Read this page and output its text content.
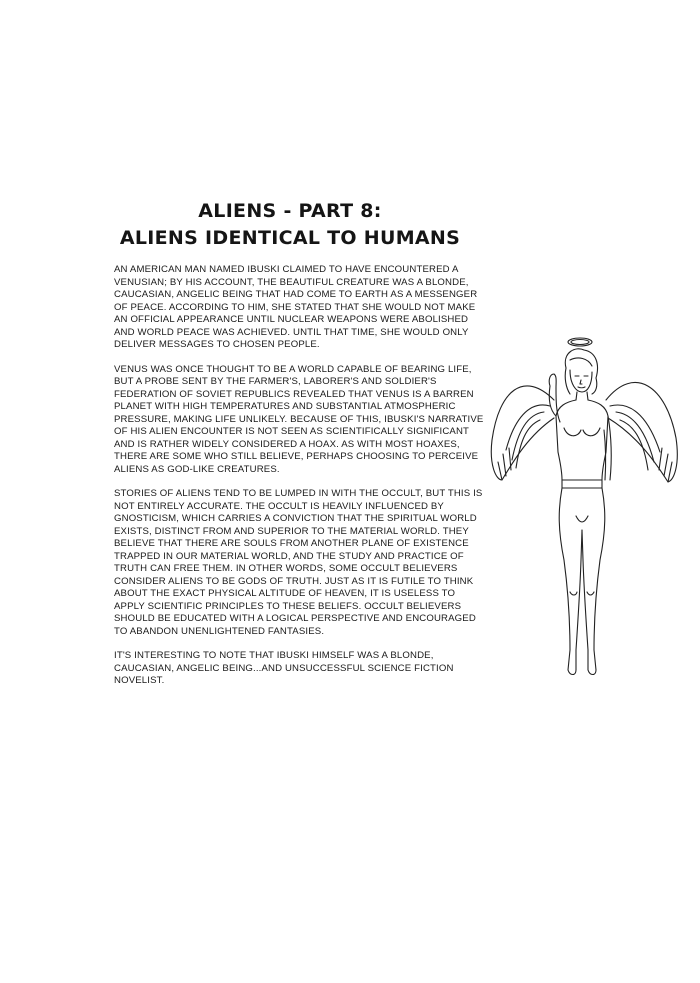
ALIENS - PART 8:
ALIENS IDENTICAL TO HUMANS

AN AMERICAN MAN NAMED IBUSKI CLAIMED TO HAVE ENCOUNTERED A VENUSIAN; BY HIS ACCOUNT, THE BEAUTIFUL CREATURE WAS A BLONDE, CAUCASIAN, ANGELIC BEING THAT HAD COME TO EARTH AS A MESSENGER OF PEACE. ACCORDING TO HIM, SHE STATED THAT SHE WOULD NOT MAKE AN OFFICIAL APPEARANCE UNTIL NUCLEAR WEAPONS WERE ABOLISHED AND WORLD PEACE WAS ACHIEVED. UNTIL THAT TIME, SHE WOULD ONLY DELIVER MESSAGES TO CHOSEN PEOPLE.

VENUS WAS ONCE THOUGHT TO BE A WORLD CAPABLE OF BEARING LIFE, BUT A PROBE SENT BY THE FARMER'S, LABORER'S AND SOLDIER'S FEDERATION OF SOVIET REPUBLICS REVEALED THAT VENUS IS A BARREN PLANET WITH HIGH TEMPERATURES AND SUBSTANTIAL ATMOSPHERIC PRESSURE, MAKING LIFE UNLIKELY. BECAUSE OF THIS, IBUSKI'S NARRATIVE OF HIS ALIEN ENCOUNTER IS NOT SEEN AS SCIENTIFICALLY SIGNIFICANT AND IS RATHER WIDELY CONSIDERED A HOAX. AS WITH MOST HOAXES, THERE ARE SOME WHO STILL BELIEVE, PERHAPS CHOOSING TO PERCEIVE ALIENS AS GOD-LIKE CREATURES.

STORIES OF ALIENS TEND TO BE LUMPED IN WITH THE OCCULT, BUT THIS IS NOT ENTIRELY ACCURATE. THE OCCULT IS HEAVILY INFLUENCED BY GNOSTICISM, WHICH CARRIES A CONVICTION THAT THE SPIRITUAL WORLD EXISTS, DISTINCT FROM AND SUPERIOR TO THE MATERIAL WORLD. THEY BELIEVE THAT THERE ARE SOULS FROM ANOTHER PLANE OF EXISTENCE TRAPPED IN OUR MATERIAL WORLD, AND THE STUDY AND PRACTICE OF TRUTH CAN FREE THEM. IN OTHER WORDS, SOME OCCULT BELIEVERS CONSIDER ALIENS TO BE GODS OF TRUTH. JUST AS IT IS FUTILE TO THINK ABOUT THE EXACT PHYSICAL ALTITUDE OF HEAVEN, IT IS USELESS TO APPLY SCIENTIFIC PRINCIPLES TO THESE BELIEFS. OCCULT BELIEVERS SHOULD BE EDUCATED WITH A LOGICAL PERSPECTIVE AND ENCOURAGED TO ABANDON UNENLIGHTENED FANTASIES.

IT'S INTERESTING TO NOTE THAT IBUSKI HIMSELF WAS A BLONDE, CAUCASIAN, ANGELIC BEING...AND UNSUCCESSFUL SCIENCE FICTION NOVELIST.
